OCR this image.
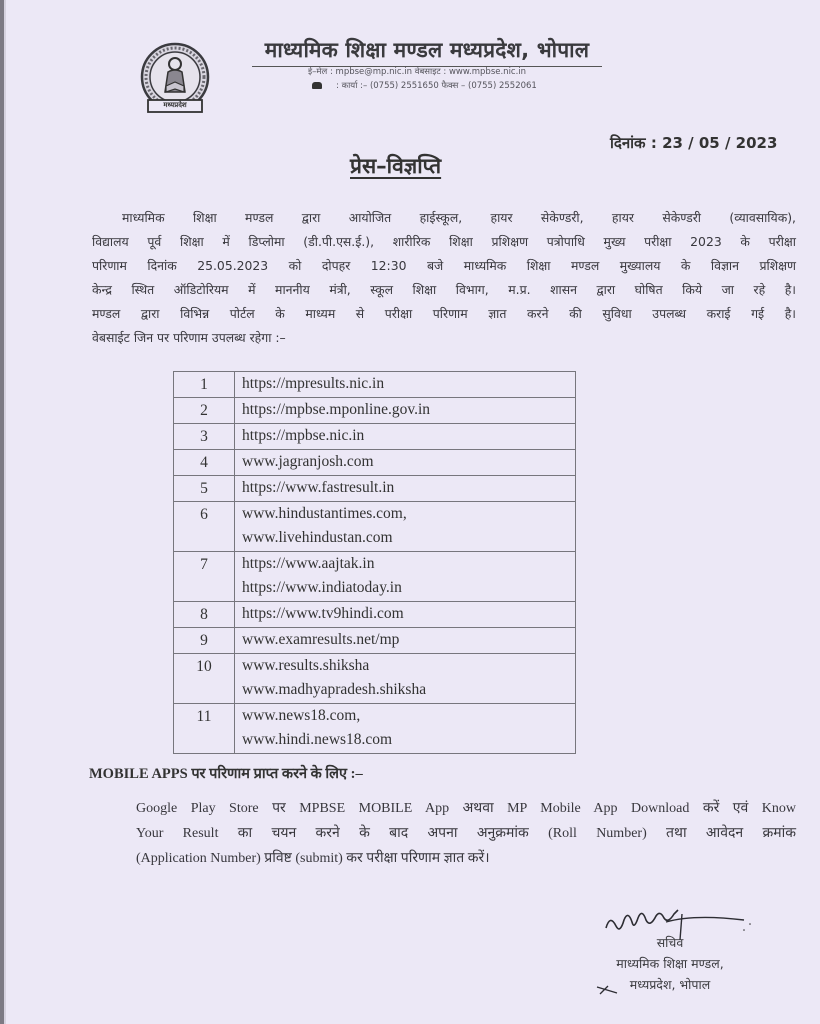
मध्यप्रदेश
माध्यमिक शिक्षा मण्डल मध्यप्रदेश, भोपाल
ई–मेल : mpbse@mp.nic.in वेबसाइट : www.mpbse.nic.in
: कार्या :– (0755) 2551650 फैक्स – (0755) 2552061
दिनांक : 23 / 05 / 2023
प्रेस–विज्ञप्ति
माध्यमिक शिक्षा मण्डल द्वारा आयोजित हाईस्कूल, हायर सेकेण्डरी, हायर सेकेण्डरी (व्यावसायिक),
विद्यालय पूर्व शिक्षा में डिप्लोमा (डी.पी.एस.ई.), शारीरिक शिक्षा प्रशिक्षण पत्रोपाधि मुख्य परीक्षा 2023 के परीक्षा
परिणाम दिनांक 25.05.2023 को दोपहर 12:30 बजे माध्यमिक शिक्षा मण्डल मुख्यालय के विज्ञान प्रशिक्षण
केन्द्र स्थित ऑडिटोरियम में माननीय मंत्री, स्कूल शिक्षा विभाग, म.प्र. शासन द्वारा घोषित किये जा रहे है।
मण्डल द्वारा विभिन्न पोर्टल के माध्यम से परीक्षा परिणाम ज्ञात करने की सुविधा उपलब्ध कराई गई है।
वेबसाईट जिन पर परिणाम उपलब्ध रहेगा :–
1	https://mpresults.nic.in

2	https://mpbse.mponline.gov.in

3	https://mpbse.nic.in

4	www.jagranjosh.com

5	https://www.fastresult.in

6	www.hindustantimes.com,
www.livehindustan.com

7	https://www.aajtak.in
https://www.indiatoday.in

8	https://www.tv9hindi.com

9	www.examresults.net/mp

10	www.results.shiksha
www.madhyapradesh.shiksha

11	www.news18.com,
www.hindi.news18.com
MOBILE APPS पर परिणाम प्राप्त करने के लिए :–
Google Play Store पर MPBSE MOBILE App अथवा MP Mobile App Download करें एवं Know
Your Result का चयन करने के बाद अपना अनुक्रमांक (Roll Number) तथा आवेदन क्रमांक
(Application Number) प्रविष्ट (submit) कर परीक्षा परिणाम ज्ञात करें।
सचिव
माध्यमिक शिक्षा मण्डल,
मध्यप्रदेश, भोपाल
